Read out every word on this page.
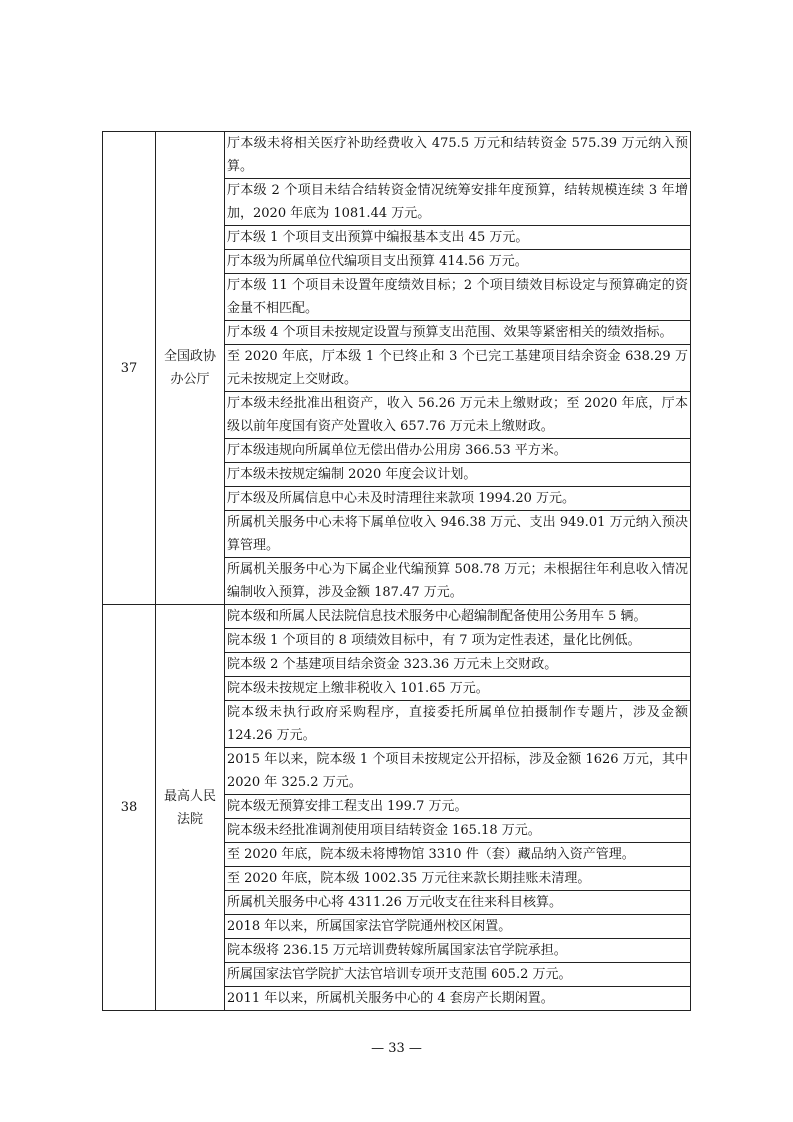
37	全国政协办公厅	厅本级未将相关医疗补助经费收入 475.5 万元和结转资金 575.39 万元纳入预算。
		厅本级 2 个项目未结合结转资金情况统筹安排年度预算，结转规模连续 3 年增加，2020 年底为 1081.44 万元。
		厅本级 1 个项目支出预算中编报基本支出 45 万元。
		厅本级为所属单位代编项目支出预算 414.56 万元。
		厅本级 11 个项目未设置年度绩效目标；2 个项目绩效目标设定与预算确定的资金量不相匹配。
		厅本级 4 个项目未按规定设置与预算支出范围、效果等紧密相关的绩效指标。
		至 2020 年底，厅本级 1 个已终止和 3 个已完工基建项目结余资金 638.29 万元未按规定上交财政。
		厅本级未经批准出租资产，收入 56.26 万元未上缴财政；至 2020 年底，厅本级以前年度国有资产处置收入 657.76 万元未上缴财政。
		厅本级违规向所属单位无偿出借办公用房 366.53 平方米。
		厅本级未按规定编制 2020 年度会议计划。
		厅本级及所属信息中心未及时清理往来款项 1994.20 万元。
		所属机关服务中心未将下属单位收入 946.38 万元、支出 949.01 万元纳入预决算管理。
		所属机关服务中心为下属企业代编预算 508.78 万元；未根据往年利息收入情况编制收入预算，涉及金额 187.47 万元。
38	最高人民法院	院本级和所属人民法院信息技术服务中心超编制配备使用公务用车 5 辆。
		院本级 1 个项目的 8 项绩效目标中，有 7 项为定性表述，量化比例低。
		院本级 2 个基建项目结余资金 323.36 万元未上交财政。
		院本级未按规定上缴非税收入 101.65 万元。
		院本级未执行政府采购程序，直接委托所属单位拍摄制作专题片，涉及金额 124.26 万元。
		2015 年以来，院本级 1 个项目未按规定公开招标，涉及金额 1626 万元，其中 2020 年 325.2 万元。
		院本级无预算安排工程支出 199.7 万元。
		院本级未经批准调剂使用项目结转资金 165.18 万元。
		至 2020 年底，院本级未将博物馆 3310 件（套）藏品纳入资产管理。
		至 2020 年底，院本级 1002.35 万元往来款长期挂账未清理。
		所属机关服务中心将 4311.26 万元收支在往来科目核算。
		2018 年以来，所属国家法官学院通州校区闲置。
		院本级将 236.15 万元培训费转嫁所属国家法官学院承担。
		所属国家法官学院扩大法官培训专项开支范围 605.2 万元。
		2011 年以来，所属机关服务中心的 4 套房产长期闲置。
— 33 —
